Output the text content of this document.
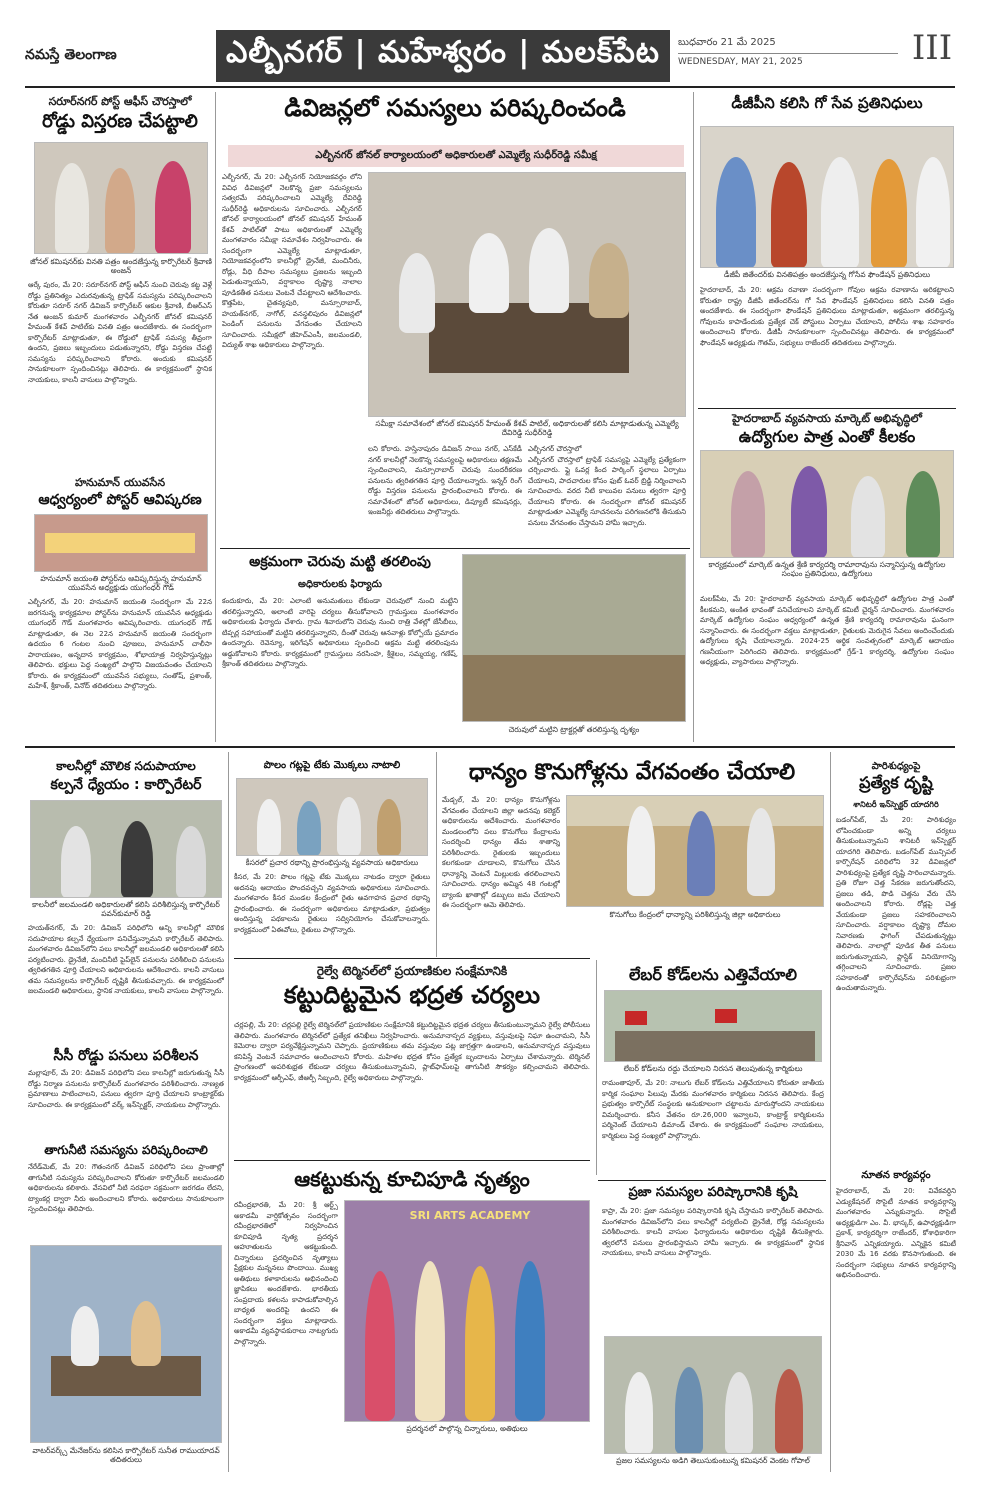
నమస్తే తెలంగాణ	ఎల్బీనగర్ | మహేశ్వరం | మలక్‌పేట	బుధవారం 21 మే 2025
WEDNESDAY, MAY 21, 2025	III
సరూర్‌నగర్ పోస్ట్ ఆఫీస్ చౌరస్తాలో
రోడ్డు విస్తరణ చేపట్టాలి
జోనల్ కమిషనర్‌కు వినతి పత్రం అందజేస్తున్న కార్పొరేటర్ శ్రీవాణి అంజన్
ఆర్కే పురం, మే 20: సరూర్‌నగర్ పోస్ట్ ఆఫీస్ నుంచి చెరువు కట్ట వెళ్లే రోడ్డు ప్రతినిత్యం ఎదురవుతున్న ట్రాఫిక్ సమస్యను పరిష్కరించాలని కోరుతూ సరూర్ నగర్ డివిజన్ కార్పొరేటర్ ఆకుల శ్రీవాణి, బీఆర్ఎస్ నేత అంజన్ కుమార్ మంగళవారం ఎల్బీనగర్ జోనల్ కమిషనర్ హేమంత్ కేశవ్ పాటిల్‌కు వినతి పత్రం అందజేశారు. ఈ సందర్భంగా కార్పొరేటర్ మాట్లాడుతూ, ఈ రోడ్డులో ట్రాఫిక్ సమస్య తీవ్రంగా ఉందని, ప్రజలు ఇబ్బందులు పడుతున్నారని, రోడ్డు విస్తరణ చేపట్టి సమస్యను పరిష్కరించాలని కోరారు. అందుకు కమిషనర్ సానుకూలంగా స్పందించినట్లు తెలిపారు. ఈ కార్యక్రమంలో స్థానిక నాయకులు, కాలనీ వాసులు పాల్గొన్నారు.
హనుమాన్ యువసేన
ఆధ్వర్యంలో పోస్టర్ ఆవిష్కరణ
హనుమాన్ జయంతి పోస్టర్‌ను ఆవిష్కరిస్తున్న హనుమాన్ యువసేన అధ్యక్షుడు యుగంధర్ గౌడ్
ఎల్బీనగర్, మే 20: హనుమాన్ జయంతి సందర్భంగా మే 22న జరగనున్న కార్యక్రమాల పోస్టర్‌ను హనుమాన్ యువసేన అధ్యక్షుడు యుగంధర్ గౌడ్ మంగళవారం ఆవిష్కరించారు. యుగంధర్ గౌడ్ మాట్లాడుతూ, ఈ నెల 22న హనుమాన్ జయంతి సందర్భంగా ఉదయం 6 గంటల నుంచి పూజలు, హనుమాన్ చాలీసా పారాయణం, అన్నదాన కార్యక్రమం, శోభాయాత్ర నిర్వహిస్తున్నట్లు తెలిపారు. భక్తులు పెద్ద సంఖ్యలో పాల్గొని విజయవంతం చేయాలని కోరారు. ఈ కార్యక్రమంలో యువసేన సభ్యులు, సంతోష్, ప్రశాంత్, మహేశ్, శ్రీకాంత్, వినోద్ తదితరులు పాల్గొన్నారు.
డివిజన్లలో సమస్యలు పరిష్కరించండి
ఎల్బీనగర్ జోనల్ కార్యాలయంలో అధికారులతో ఎమ్మెల్యే సుధీర్‌రెడ్డి సమీక్ష
ఎల్బీనగర్, మే 20: ఎల్బీనగర్ నియోజకవర్గం లోని వివిధ డివిజన్లలో నెలకొన్న ప్రజా సమస్యలను సత్వరమే పరిష్కరించాలని ఎమ్మెల్యే దేవిరెడ్డి సుధీర్‌రెడ్డి అధికారులను సూచించారు. ఎల్బీనగర్ జోనల్ కార్యాలయంలో జోనల్ కమిషనర్ హేమంత్ కేశవ్ పాటిల్‌తో పాటు అధికారులతో ఎమ్మెల్యే మంగళవారం సమీక్షా సమావేశం నిర్వహించారు. ఈ సందర్భంగా ఎమ్మెల్యే మాట్లాడుతూ, నియోజకవర్గంలోని కాలనీల్లో డ్రైనేజీ, మంచినీరు, రోడ్లు, వీధి దీపాల సమస్యలు ప్రజలను ఇబ్బంది పెడుతున్నాయని, వర్షాకాలం దృష్ట్యా నాలాల పూడికతీత పనులు వెంటనే చేపట్టాలని ఆదేశించారు. కొత్తపేట, చైతన్యపురి, మన్సూరాబాద్, హయత్‌నగర్, నాగోల్, వనస్థలిపురం డివిజన్లలో పెండింగ్ పనులను వేగవంతం చేయాలని సూచించారు. సమీక్షలో జీహెచ్ఎంసీ, జలమండలి, విద్యుత్ శాఖ అధికారులు పాల్గొన్నారు.
సమీక్షా సమావేశంలో జోనల్ కమిషనర్ హేమంత్ కేశవ్ పాటిల్, అధికారులతో కలిసి మాట్లాడుతున్న ఎమ్మెల్యే దేవిరెడ్డి సుధీర్‌రెడ్డి
లని కోరారు. హస్తినాపురం డివిజన్ సాయి నగర్, ఎస్‌కేడీ నగర్ కాలనీల్లో నెలకొన్న సమస్యలపై అధికారులు తక్షణమే స్పందించాలని, మన్సూరాబాద్ చెరువు సుందరీకరణ పనులను త్వరితగతిన పూర్తి చేయాలన్నారు. ఇన్నర్ రింగ్ రోడ్డు విస్తరణ పనులను ప్రారంభించాలని కోరారు. ఈ సమావేశంలో జోనల్ అధికారులు, డిప్యూటీ కమిషనర్లు, ఇంజనీర్లు తదితరులు పాల్గొన్నారు.
ఎల్బీనగర్ చౌరస్తాలో
ఎల్బీనగర్ చౌరస్తాలో ట్రాఫిక్ సమస్యపై ఎమ్మెల్యే ప్రత్యేకంగా చర్చించారు. ఫ్లై ఓవర్ల కింద పార్కింగ్ స్థలాలు ఏర్పాటు చేయాలని, పాదచారుల కోసం ఫుట్ ఓవర్ బ్రిడ్జి నిర్మించాలని సూచించారు. వరద నీటి కాలువల పనులు త్వరగా పూర్తి చేయాలని కోరారు. ఈ సందర్భంగా జోనల్ కమిషనర్ మాట్లాడుతూ ఎమ్మెల్యే సూచనలను పరిగణనలోకి తీసుకుని పనులు వేగవంతం చేస్తామని హామీ ఇచ్చారు.
అక్రమంగా చెరువు మట్టి తరలింపు
అధికారులకు ఫిర్యాదు
కందుకూరు, మే 20: ఎలాంటి అనుమతులు లేకుండా చెరువులో నుంచి మట్టిని తరలిస్తున్నారని, అలాంటి వారిపై చర్యలు తీసుకోవాలని గ్రామస్తులు మంగళవారం అధికారులకు ఫిర్యాదు చేశారు. గ్రామ శివారులోని చెరువు నుంచి రాత్రి వేళల్లో జేసీబీలు, టిప్పర్ల సహాయంతో మట్టిని తరలిస్తున్నారని, దీంతో చెరువు ఆనవాళ్లు కోల్పోయే ప్రమాదం ఉందన్నారు. రెవెన్యూ, ఇరిగేషన్ అధికారులు స్పందించి అక్రమ మట్టి తరలింపును అడ్డుకోవాలని కోరారు. కార్యక్రమంలో గ్రామస్తులు నరసింహ, శ్రీశైలం, సమ్మయ్య, గణేష్, శ్రీకాంత్ తదితరులు పాల్గొన్నారు.
చెరువులో మట్టిని ట్రాక్టర్లతో తరలిస్తున్న దృశ్యం
డీజీపీని కలిసి గో సేవ ప్రతినిధులు
డీజీపీ జితేందర్‌కు వినతిపత్రం అందజేస్తున్న గోసేవ ఫౌండేషన్ ప్రతినిధులు
హైదరాబాద్, మే 20: ఆక్రమ రవాణా సందర్భంగా గోవుల అక్రమ రవాణాను అరికట్టాలని కోరుతూ రాష్ట్ర డీజీపీ జితేందర్‌ను గో సేవ ఫౌండేషన్ ప్రతినిధులు కలిసి వినతి పత్రం అందజేశారు. ఈ సందర్భంగా ఫౌండేషన్ ప్రతినిధులు మాట్లాడుతూ, అక్రమంగా తరలిస్తున్న గోవులను కాపాడేందుకు ప్రత్యేక చెక్ పోస్టులు ఏర్పాటు చేయాలని, పోలీసు శాఖ సహకారం అందించాలని కోరారు. డీజీపీ సానుకూలంగా స్పందించినట్లు తెలిపారు. ఈ కార్యక్రమంలో ఫౌండేషన్ అధ్యక్షుడు గౌతమ్, సభ్యులు రాజేందర్ తదితరులు పాల్గొన్నారు.
హైదరాబాద్ వ్యవసాయ మార్కెట్ అభివృద్ధిలో
ఉద్యోగుల పాత్ర ఎంతో కీలకం
కార్యక్రమంలో మార్కెట్ ఉన్నత శ్రేణి కార్యదర్శి రామారావును సన్మానిస్తున్న ఉద్యోగుల సంఘం ప్రతినిధులు, ఉద్యోగులు
మలక్‌పేట, మే 20: హైదరాబాద్ వ్యవసాయ మార్కెట్ అభివృద్ధిలో ఉద్యోగుల పాత్ర ఎంతో కీలకమని, అంకిత భావంతో పనిచేయాలని మార్కెట్ కమిటీ చైర్మన్ సూచించారు. మంగళవారం మార్కెట్ ఉద్యోగుల సంఘం ఆధ్వర్యంలో ఉన్నత శ్రేణి కార్యదర్శి రామారావును ఘనంగా సన్మానించారు. ఈ సందర్భంగా వక్తలు మాట్లాడుతూ, రైతులకు మెరుగైన సేవలు అందించేందుకు ఉద్యోగులు కృషి చేయాలన్నారు. 2024-25 ఆర్థిక సంవత్సరంలో మార్కెట్ ఆదాయం గణనీయంగా పెరిగిందని తెలిపారు. కార్యక్రమంలో గ్రేడ్-1 కార్యదర్శి, ఉద్యోగుల సంఘం అధ్యక్షుడు, వ్యాపారులు పాల్గొన్నారు.
కాలనీల్లో మౌలిక సదుపాయాల
కల్పనే ధ్యేయం : కార్పొరేటర్
కాలనీలో జలమండలి అధికారులతో కలిసి పరిశీలిస్తున్న కార్పొరేటర్ పవన్‌కుమార్ రెడ్డి
హయత్‌నగర్, మే 20: డివిజన్ పరిధిలోని అన్ని కాలనీల్లో మౌలిక సదుపాయాల కల్పనే ధ్యేయంగా పనిచేస్తున్నామని కార్పొరేటర్ తెలిపారు. మంగళవారం డివిజన్‌లోని పలు కాలనీల్లో జలమండలి అధికారులతో కలిసి పర్యటించారు. డ్రైనేజీ, మంచినీటి పైప్‌లైన్ పనులను పరిశీలించి పనులను త్వరితగతిన పూర్తి చేయాలని అధికారులను ఆదేశించారు. కాలనీ వాసులు తమ సమస్యలను కార్పొరేటర్ దృష్టికి తీసుకువచ్చారు. ఈ కార్యక్రమంలో జలమండలి అధికారులు, స్థానిక నాయకులు, కాలనీ వాసులు పాల్గొన్నారు.
సీసీ రోడ్డు పనులు పరిశీలన
మల్లాపూర్, మే 20: డివిజన్ పరిధిలోని పలు కాలనీల్లో జరుగుతున్న సీసీ రోడ్డు నిర్మాణ పనులను కార్పొరేటర్ మంగళవారం పరిశీలించారు. నాణ్యత ప్రమాణాలు పాటించాలని, పనులు త్వరగా పూర్తి చేయాలని కాంట్రాక్టర్‌కు సూచించారు. ఈ కార్యక్రమంలో వర్క్ ఇన్‌స్పెక్టర్, నాయకులు పాల్గొన్నారు.
తాగునీటి సమస్యను పరిష్కరించాలి
నేరేడ్‌మెట్, మే 20: గౌతంనగర్ డివిజన్ పరిధిలోని పలు ప్రాంతాల్లో తాగునీటి సమస్యను పరిష్కరించాలని కోరుతూ కార్పొరేటర్ జలమండలి అధికారులను కలిశారు. వేసవిలో నీటి సరఫరా సక్రమంగా జరగడం లేదని, ట్యాంకర్ల ద్వారా నీరు అందించాలని కోరారు. అధికారులు సానుకూలంగా స్పందించినట్లు తెలిపారు.
వాటర్‌వర్క్స్ మేనేజర్‌ను కలిసిన కార్పొరేటర్ సునీత రాముయాదవ్ తదితరులు
పొలం గట్లపై టేకు మొక్కలు నాటాలి
కీసరలో ప్రచార రథాన్ని ప్రారంభిస్తున్న వ్యవసాయ అధికారులు
కీసర, మే 20: పొలం గట్లపై టేకు మొక్కలు నాటడం ద్వారా రైతులు అదనపు ఆదాయం పొందవచ్చని వ్యవసాయ అధికారులు సూచించారు. మంగళవారం కీసర మండల కేంద్రంలో రైతు అవగాహన ప్రచార రథాన్ని ప్రారంభించారు. ఈ సందర్భంగా అధికారులు మాట్లాడుతూ, ప్రభుత్వం అందిస్తున్న పథకాలను రైతులు సద్వినియోగం చేసుకోవాలన్నారు. కార్యక్రమంలో ఏఈవోలు, రైతులు పాల్గొన్నారు.
ధాన్యం కొనుగోళ్లను వేగవంతం చేయాలి
మేడ్చల్, మే 20: ధాన్యం కొనుగోళ్లను వేగవంతం చేయాలని జిల్లా అదనపు కలెక్టర్ అధికారులను ఆదేశించారు. మంగళవారం మండలంలోని పలు కొనుగోలు కేంద్రాలను సందర్శించి ధాన్యం తేమ శాతాన్ని పరిశీలించారు. రైతులకు ఇబ్బందులు కలగకుండా చూడాలని, కొనుగోలు చేసిన ధాన్యాన్ని వెంటనే మిల్లులకు తరలించాలని సూచించారు. ధాన్యం అమ్మిన 48 గంటల్లో బ్యాంకు ఖాతాల్లో డబ్బులు జమ చేయాలని ఈ సందర్భంగా ఆమె తెలిపారు.
కొనుగోలు కేంద్రంలో ధాన్యాన్ని పరిశీలిస్తున్న జిల్లా అధికారులు
పారిశుధ్యంపై
ప్రత్యేక దృష్టి
శానిటరీ ఇన్‌స్పెక్టర్ యాదగిరి
బడంగ్‌పేట్, మే 20: పారిశుధ్యం లోపించకుండా అన్ని చర్యలు తీసుకుంటున్నామని శానిటరీ ఇన్‌స్పెక్టర్ యాదగిరి తెలిపారు. బడంగ్‌పేట్ మున్సిపల్ కార్పొరేషన్ పరిధిలోని 32 డివిజన్లలో పారిశుధ్యంపై ప్రత్యేక దృష్టి సారించామన్నారు. ప్రతి రోజూ చెత్త సేకరణ జరుగుతోందని, ప్రజలు తడి, పొడి చెత్తను వేరు చేసి అందించాలని కోరారు. రోడ్లపై చెత్త వేయకుండా ప్రజలు సహకరించాలని సూచించారు. వర్షాకాలం దృష్ట్యా దోమల నివారణకు ఫాగింగ్ చేపడుతున్నట్లు తెలిపారు. నాలాల్లో పూడిక తీత పనులు జరుగుతున్నాయని, ప్లాస్టిక్ వినియోగాన్ని తగ్గించాలని సూచించారు. ప్రజల సహకారంతో కార్పొరేషన్‌ను పరిశుభ్రంగా ఉంచుతామన్నారు.
నూతన కార్యవర్గం
హైదరాబాద్, మే 20: వివేకవర్ధిని ఎడ్యుకేషనల్ సొసైటీ నూతన కార్యవర్గాన్ని మంగళవారం ఎన్నుకున్నారు. సొసైటీ అధ్యక్షుడిగా ఎం. వీ. భాస్కర్, ఉపాధ్యక్షుడిగా ప్రకాశ్, కార్యదర్శిగా రాజేందర్, కోశాధికారిగా శ్రీనివాస్ ఎన్నికయ్యారు. ఎన్నికైన కమిటీ 2030 మే 16 వరకు కొనసాగుతుంది. ఈ సందర్భంగా సభ్యులు నూతన కార్యవర్గాన్ని అభినందించారు.
రైల్వే టెర్మినల్‌లో ప్రయాణికుల సంక్షేమానికి
కట్టుదిట్టమైన భద్రత చర్యలు
చర్లపల్లి, మే 20: చర్లపల్లి రైల్వే టెర్మినల్‌లో ప్రయాణికుల సంక్షేమానికి కట్టుదిట్టమైన భద్రత చర్యలు తీసుకుంటున్నామని రైల్వే పోలీసులు తెలిపారు. మంగళవారం టెర్మినల్‌లో ప్రత్యేక తనిఖీలు నిర్వహించారు. అనుమానాస్పద వ్యక్తులు, వస్తువులపై నిఘా ఉంచామని, సీసీ కెమెరాల ద్వారా పర్యవేక్షిస్తున్నామని చెప్పారు. ప్రయాణికులు తమ వస్తువుల పట్ల జాగ్రత్తగా ఉండాలని, అనుమానాస్పద వస్తువులు కనిపిస్తే వెంటనే సమాచారం అందించాలని కోరారు. మహిళల భద్రత కోసం ప్రత్యేక బృందాలను ఏర్పాటు చేశామన్నారు. టెర్మినల్ ప్రాంగణంలో అపరిశుభ్రత లేకుండా చర్యలు తీసుకుంటున్నామని, ప్లాట్‌ఫామ్‌లపై తాగునీటి సౌకర్యం కల్పించామని తెలిపారు. కార్యక్రమంలో ఆర్పీఎఫ్, జీఆర్పీ సిబ్బంది, రైల్వే అధికారులు పాల్గొన్నారు.
లేబర్ కోడ్‌లను ఎత్తివేయాలి
లేబర్ కోడ్‌లను రద్దు చేయాలని నిరసన తెలుపుతున్న కార్మికులు
రామంతాపూర్, మే 20: నాలుగు లేబర్ కోడ్‌లను ఎత్తివేయాలని కోరుతూ జాతీయ కార్మిక సంఘాల పిలుపు మేరకు మంగళవారం కార్మికులు నిరసన తెలిపారు. కేంద్ర ప్రభుత్వం కార్పొరేట్ సంస్థలకు అనుకూలంగా చట్టాలను మారుస్తోందని నాయకులు విమర్శించారు. కనీస వేతనం రూ.26,000 ఇవ్వాలని, కాంట్రాక్ట్ కార్మికులను పర్మినెంట్ చేయాలని డిమాండ్ చేశారు. ఈ కార్యక్రమంలో సంఘాల నాయకులు, కార్మికులు పెద్ద సంఖ్యలో పాల్గొన్నారు.
ఆకట్టుకున్న కూచిపూడి నృత్యం
రవీంద్రభారతి, మే 20: శ్రీ ఆర్ట్స్ అకాడమీ వార్షికోత్సవం సందర్భంగా రవీంద్రభారతిలో నిర్వహించిన కూచిపూడి నృత్య ప్రదర్శన ఆహూతులను ఆకట్టుకుంది. చిన్నారులు ప్రదర్శించిన నృత్యాలు ప్రేక్షకుల మన్ననలు పొందాయి. ముఖ్య అతిథులు కళాకారులను అభినందించి జ్ఞాపికలు అందజేశారు. భారతీయ సంప్రదాయ కళలను కాపాడుకోవాల్సిన బాధ్యత అందరిపై ఉందని ఈ సందర్భంగా వక్తలు మాట్లాడారు. అకాడమీ వ్యవస్థాపకురాలు నాట్యగురు పాల్గొన్నారు.
SRI ARTS ACADEMY
ప్రదర్శనలో పాల్గొన్న చిన్నారులు, అతిథులు
ప్రజా సమస్యల పరిష్కారానికి కృషి
కాప్రా, మే 20: ప్రజా సమస్యల పరిష్కారానికి కృషి చేస్తామని కార్పొరేటర్ తెలిపారు. మంగళవారం డివిజన్‌లోని పలు కాలనీల్లో పర్యటించి డ్రైనేజీ, రోడ్ల సమస్యలను పరిశీలించారు. కాలనీ వాసుల ఫిర్యాదులను అధికారుల దృష్టికి తీసుకెళ్లారు. త్వరలోనే పనులు ప్రారంభిస్తామని హామీ ఇచ్చారు. ఈ కార్యక్రమంలో స్థానిక నాయకులు, కాలనీ వాసులు పాల్గొన్నారు.
ప్రజల సమస్యలను అడిగి తెలుసుకుంటున్న కమిషనర్ వెంకట గోపాల్
